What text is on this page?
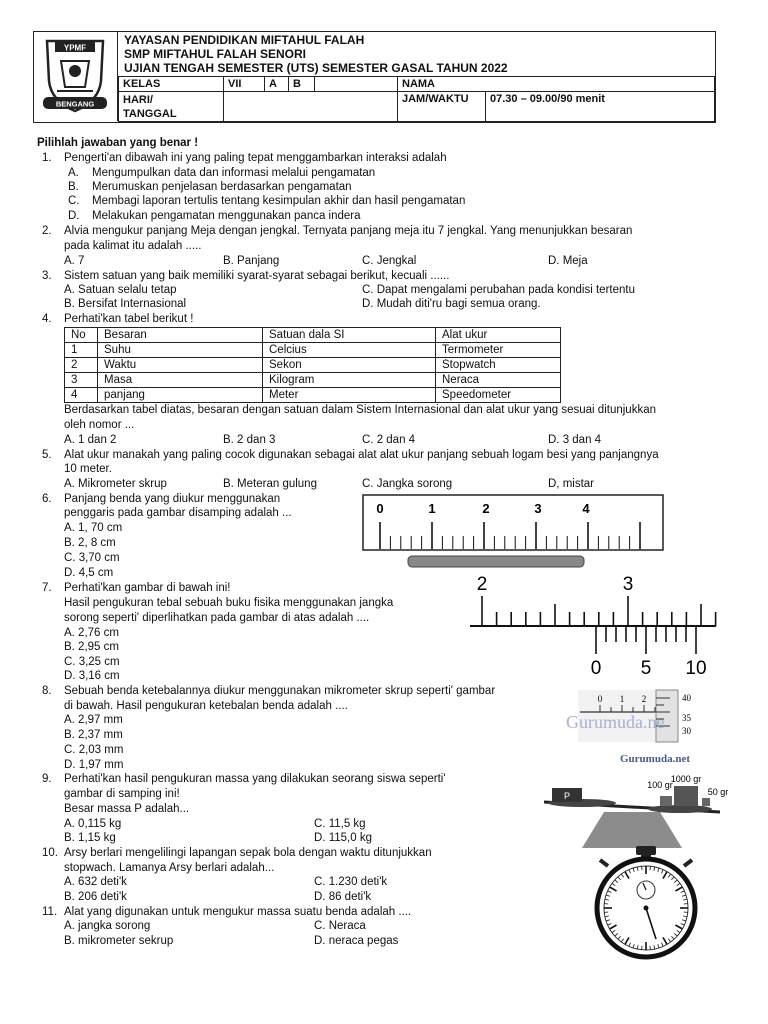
YPMF
BENGANG
YAYASAN PENDIDIKAN MIFTAHUL FALAH
SMP MIFTAHUL FALAH SENORI
UJIAN TENGAH SEMESTER (UTS) SEMESTER GASAL TAHUN 2022
KELAS	VII	A	B	NAMA
HARI/
TANGGAL
JAM/WAKTU	07.30 – 09.00/90 menit
Pilihlah jawaban yang benar !
1. Pengerti'an dibawah ini yang paling tepat menggambarkan interaksi adalah
A. Mengumpulkan data dan informasi melalui pengamatan
B. Merumuskan penjelasan berdasarkan pengamatan
C. Membagi laporan tertulis tentang kesimpulan akhir dan hasil pengamatan
D. Melakukan pengamatan menggunakan panca indera
2. Alvia mengukur panjang Meja dengan jengkal. Ternyata panjang meja itu 7 jengkal. Yang menunjukkan besaran
pada kalimat itu adalah .....
A. 7	B. Panjang	C. Jengkal	D. Meja
3. Sistem satuan yang baik memiliki syarat-syarat sebagai berikut, kecuali ......
A. Satuan selalu tetap	C. Dapat mengalami perubahan pada kondisi tertentu
B. Bersifat Internasional	D. Mudah diti'ru bagi semua orang.
4. Perhati'kan tabel berikut !
No	Besaran	Satuan dala SI	Alat ukur
1	Suhu	Celcius	Termometer
2	Waktu	Sekon	Stopwatch
3	Masa	Kilogram	Neraca
4	panjang	Meter	Speedometer
Berdasarkan tabel diatas, besaran dengan satuan dalam Sistem Internasional dan alat ukur yang sesuai ditunjukkan
oleh nomor ...
A. 1 dan 2	B. 2 dan 3	C. 2 dan 4	D. 3 dan 4
5. Alat ukur manakah yang paling cocok digunakan sebagai alat alat ukur panjang sebuah logam besi yang panjangnya
10 meter.
A. Mikrometer skrup	B. Meteran gulung	C. Jangka sorong	D, mistar
6. Panjang benda yang diukur menggunakan
penggaris pada gambar disamping adalah ...
A. 1, 70 cm
B. 2, 8 cm
C. 3,70 cm
D. 4,5 cm
0	1	2	3	4
7. Perhati'kan gambar di bawah ini!
Hasil pengukuran tebal sebuah buku fisika menggunakan jangka
sorong seperti' diperlihatkan pada gambar di atas adalah ....
A. 2,76 cm
B. 2,95 cm
C. 3,25 cm
D. 3,16 cm
2	3
0 5 10
8. Sebuah benda ketebalannya diukur menggunakan mikrometer skrup seperti' gambar
di bawah. Hasil pengukuran ketebalan benda adalah ....
A. 2,97 mm
B. 2,37 mm
C. 2,03 mm
D. 1,97 mm
0 1 2	40
35
30
Gurumuda.ne
Gurumuda.net
9. Perhati'kan hasil pengukuran massa yang dilakukan seorang siswa seperti'
gambar di samping ini!
Besar massa P adalah...
A. 0,115 kg	C. 11,5 kg
B. 1,15 kg	D. 115,0 kg
P
1000 gr
100 gr
50 gr
10. Arsy berlari mengelilingi lapangan sepak bola dengan waktu ditunjukkan
stopwach. Lamanya Arsy berlari adalah...
A. 632 deti'k	C. 1.230 deti'k
B. 206 deti'k	D. 86 deti'k
11. Alat yang digunakan untuk mengukur massa suatu benda adalah ....
A. jangka sorong	C. Neraca
B. mikrometer sekrup	D. neraca pegas
